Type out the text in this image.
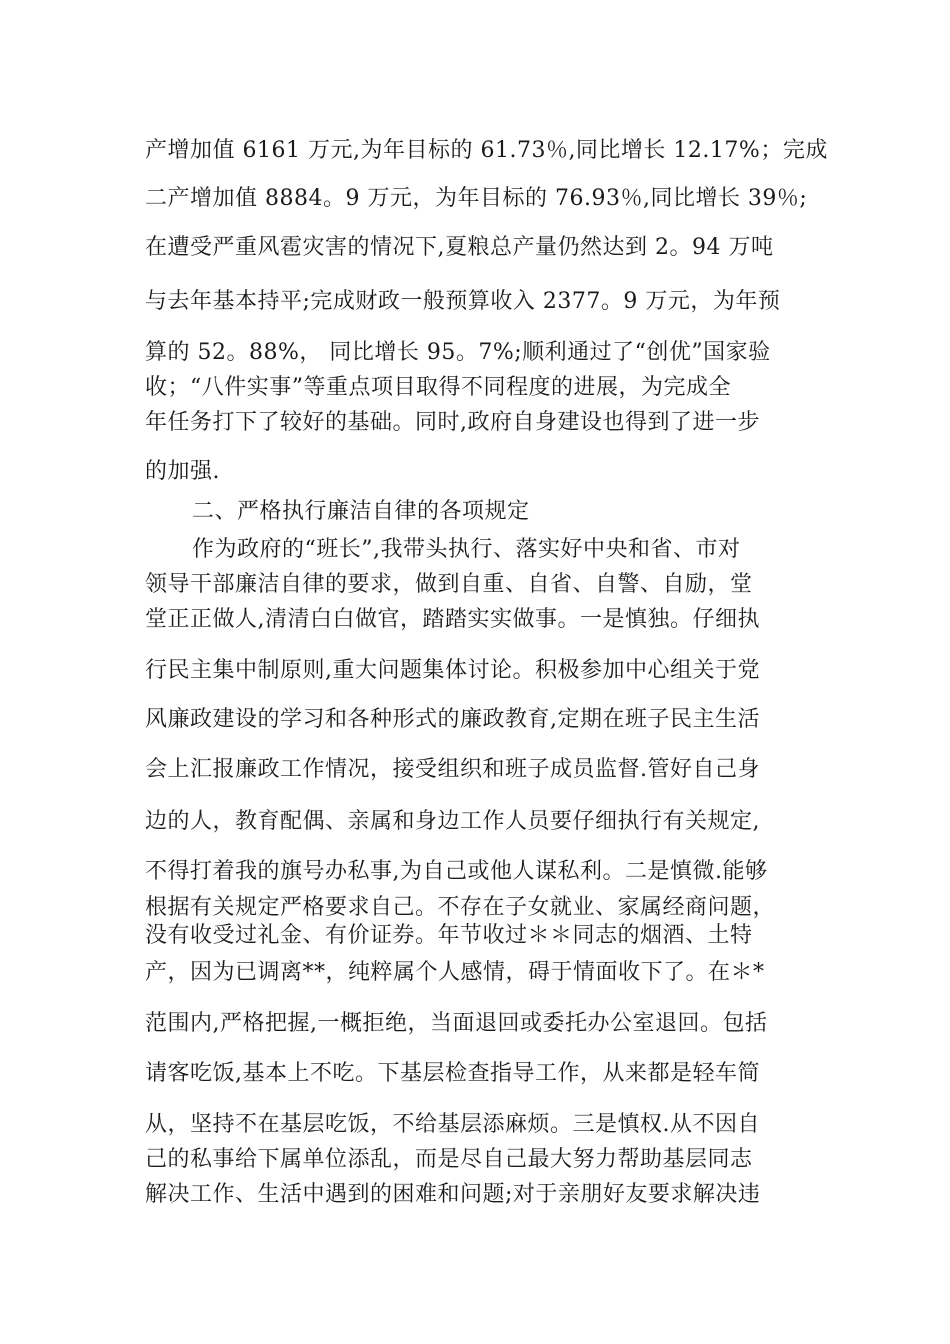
产增加值 6161 万元,为年目标的 61.73％,同比增长 12.17%；完成
二产增加值 8884。9 万元，为年目标的 76.93％,同比增长 39％;
在遭受严重风雹灾害的情况下,夏粮总产量仍然达到 2。94 万吨
与去年基本持平;完成财政一般预算收入 2377。9 万元，为年预
算的 52。88%， 同比增长 95。7%;顺利通过了“创优”国家验
收；“八件实事”等重点项目取得不同程度的进展，为完成全
年任务打下了较好的基础。同时,政府自身建设也得到了进一步
的加强.
二、严格执行廉洁自律的各项规定
作为政府的“班长”,我带头执行、落实好中央和省、市对
领导干部廉洁自律的要求，做到自重、自省、自警、自励，堂
堂正正做人,清清白白做官，踏踏实实做事。一是慎独。仔细执
行民主集中制原则,重大问题集体讨论。积极参加中心组关于党
风廉政建设的学习和各种形式的廉政教育,定期在班子民主生活
会上汇报廉政工作情况，接受组织和班子成员监督.管好自己身
边的人，教育配偶、亲属和身边工作人员要仔细执行有关规定,
不得打着我的旗号办私事,为自己或他人谋私利。二是慎微.能够
根据有关规定严格要求自己。不存在子女就业、家属经商问题，
没有收受过礼金、有价证券。年节收过＊＊同志的烟酒、土特
产，因为已调离**，纯粹属个人感情，碍于情面收下了。在＊*
范围内,严格把握,一概拒绝，当面退回或委托办公室退回。包括
请客吃饭,基本上不吃。下基层检查指导工作，从来都是轻车简
从，坚持不在基层吃饭，不给基层添麻烦。三是慎权.从不因自
己的私事给下属单位添乱，而是尽自己最大努力帮助基层同志
解决工作、生活中遇到的困难和问题;对于亲朋好友要求解决违
